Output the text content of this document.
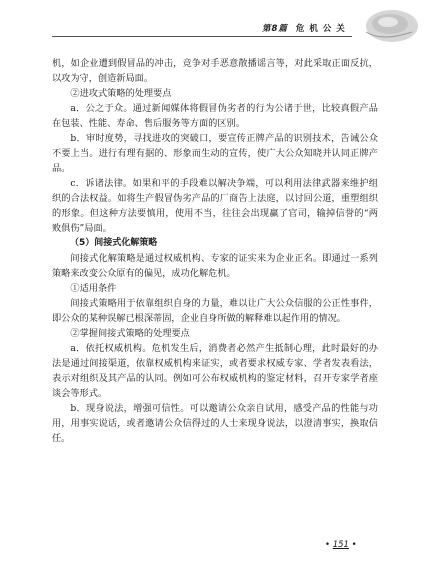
第8篇 危 机 公 关

机，如企业遭到假冒品的冲击，竞争对手恶意散播谣言等，对此采取正面反抗，以攻为守，创造新局面。

②进攻式策略的处理要点

a．公之于众。通过新闻媒体将假冒伪劣者的行为公诸于世，比较真假产品在包装、性能、寿命、售后服务等方面的区别。

b．审时度势，寻找进攻的突破口，要宣传正牌产品的识别技术，告诫公众不要上当。进行有理有据的、形象而生动的宣传，使广大公众知晓并认同正牌产品。

c．诉诸法律。如果和平的手段难以解决争端，可以利用法律武器来维护组织的合法权益。如将生产假冒伪劣产品的厂商告上法庭，以讨回公道，重塑组织的形象。但这种方法要慎用，使用不当，往往会出现赢了官司，输掉信誉的“两败俱伤”局面。

（5）间接式化解策略

间接式化解策略是通过权威机构、专家的证实来为企业正名。即通过一系列策略来改变公众原有的偏见，成功化解危机。

①适用条件

间接式策略用于依靠组织自身的力量，难以让广大公众信服的公正性事件，即公众的某种误解已根深蒂固，企业自身所做的解释难以起作用的情况。

②掌握间接式策略的处理要点

a．依托权威机构。危机发生后，消费者必然产生抵制心理，此时最好的办法是通过间接渠道，依靠权威机构来证实，或者要求权威专家、学者发表看法，表示对组织及其产品的认同。例如可公布权威机构的鉴定材料，召开专家学者座谈会等形式。

b．现身说法，增强可信性。可以邀请公众亲自试用，感受产品的性能与功用，用事实说话，或者邀请公众信得过的人士来现身说法，以澄清事实，换取信任。

• 151 •
